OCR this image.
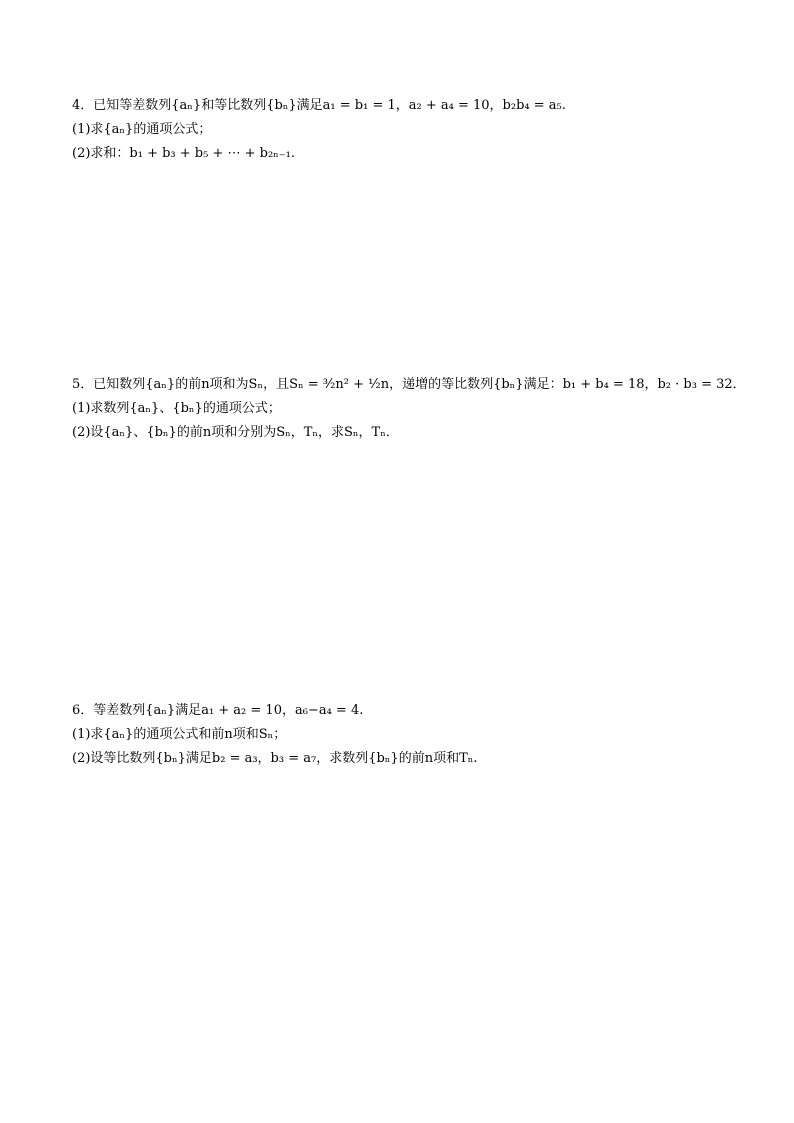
4．已知等差数列{aₙ}和等比数列{bₙ}满足a₁ = b₁ = 1，a₂ + a₄ = 10，b₂b₄ = a₅.
(1)求{aₙ}的通项公式；
(2)求和：b₁ + b₃ + b₅ + ⋯ + b₂ₙ₋₁.
5．已知数列{aₙ}的前n项和为Sₙ，且Sₙ = ³⁄₂n² + ¹⁄₂n，递增的等比数列{bₙ}满足：b₁ + b₄ = 18，b₂ · b₃ = 32．
(1)求数列{aₙ}、{bₙ}的通项公式；
(2)设{aₙ}、{bₙ}的前n项和分别为Sₙ，Tₙ，求Sₙ，Tₙ．
6．等差数列{aₙ}满足a₁ + a₂ = 10，a₆−a₄ = 4.
(1)求{aₙ}的通项公式和前n项和Sₙ；
(2)设等比数列{bₙ}满足b₂ = a₃，b₃ = a₇，求数列{bₙ}的前n项和Tₙ.
